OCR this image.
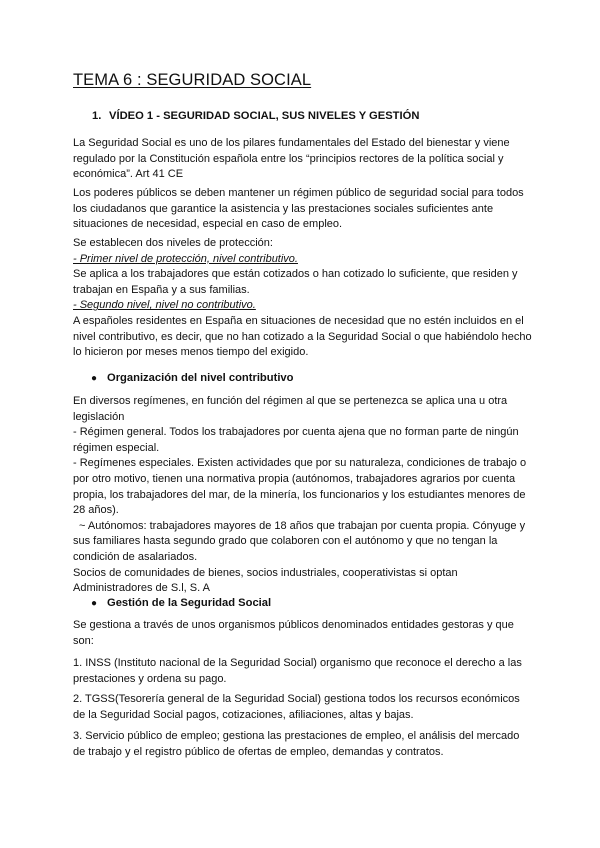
TEMA 6 : SEGURIDAD SOCIAL
1. VÍDEO 1 - SEGURIDAD SOCIAL, SUS NIVELES Y GESTIÓN

La Seguridad Social es uno de los pilares fundamentales del Estado del bienestar y viene regulado por la Constitución española entre los “principios rectores de la política social y económica”. Art 41 CE

Los poderes públicos se deben mantener un régimen público de seguridad social para todos los ciudadanos que garantice la asistencia y las prestaciones sociales suficientes ante situaciones de necesidad, especial en caso de empleo.

Se establecen dos niveles de protección:

- Primer nivel de protección, nivel contributivo.

Se aplica a los trabajadores que están cotizados o han cotizado lo suficiente, que residen y trabajan en España y a sus familias.

- Segundo nivel, nivel no contributivo.

A españoles residentes en España en situaciones de necesidad que no estén incluidos en el nivel contributivo, es decir, que no han cotizado a la Seguridad Social o que habiéndolo hecho lo hicieron por meses menos tiempo del exigido.

● Organización del nivel contributivo

En diversos regímenes, en función del régimen al que se pertenezca se aplica una u otra legislación

- Régimen general. Todos los trabajadores por cuenta ajena que no forman parte de ningún régimen especial.

- Regímenes especiales. Existen actividades que por su naturaleza, condiciones de trabajo o por otro motivo, tienen una normativa propia (autónomos, trabajadores agrarios por cuenta propia, los trabajadores del mar, de la minería, los funcionarios y los estudiantes menores de 28 años).

~ Autónomos: trabajadores mayores de 18 años que trabajan por cuenta propia. Cónyuge y sus familiares hasta segundo grado que colaboren con el autónomo y que no tengan la condición de asalariados.

Socios de comunidades de bienes, socios industriales, cooperativistas si optan Administradores de S.l, S. A

● Gestión de la Seguridad Social

Se gestiona a través de unos organismos públicos denominados entidades gestoras y que son:

1. INSS (Instituto nacional de la Seguridad Social) organismo que reconoce el derecho a las prestaciones y ordena su pago.

2. TGSS(Tesorería general de la Seguridad Social) gestiona todos los recursos económicos de la Seguridad Social pagos, cotizaciones, afiliaciones, altas y bajas.

3. Servicio público de empleo; gestiona las prestaciones de empleo, el análisis del mercado de trabajo y el registro público de ofertas de empleo, demandas y contratos.
